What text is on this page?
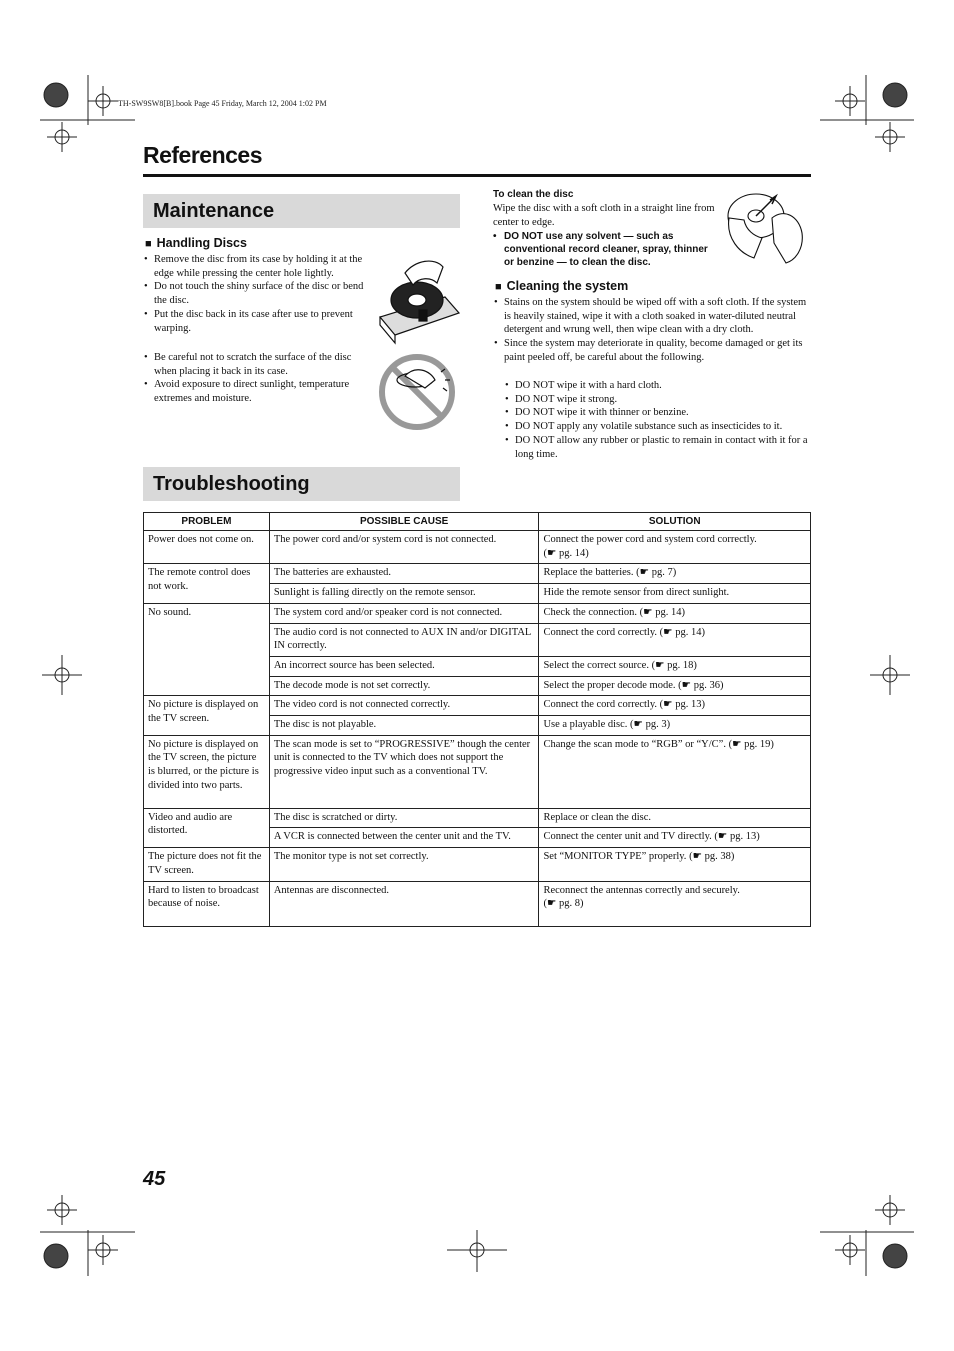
TH-SW9SW8[B].book Page 45 Friday, March 12, 2004 1:02 PM
References
Maintenance
■ Handling Discs
• Remove the disc from its case by holding it at the edge while pressing the center hole lightly.
• Do not touch the shiny surface of the disc or bend the disc.
• Put the disc back in its case after use to prevent warping.
• Be careful not to scratch the surface of the disc when placing it back in its case.
• Avoid exposure to direct sunlight, temperature extremes and moisture.
To clean the disc
Wipe the disc with a soft cloth in a straight line from center to edge.
• DO NOT use any solvent — such as conventional record cleaner, spray, thinner or benzine — to clean the disc.
■ Cleaning the system
• Stains on the system should be wiped off with a soft cloth. If the system is heavily stained, wipe it with a cloth soaked in water-diluted neutral detergent and wrung well, then wipe clean with a dry cloth.
• Since the system may deteriorate in quality, become damaged or get its paint peeled off, be careful about the following.
• DO NOT wipe it with a hard cloth.
• DO NOT wipe it strong.
• DO NOT wipe it with thinner or benzine.
• DO NOT apply any volatile substance such as insecticides to it.
• DO NOT allow any rubber or plastic to remain in contact with it for a long time.
Troubleshooting
PROBLEM	POSSIBLE CAUSE	SOLUTION
Power does not come on.	The power cord and/or system cord is not connected.	Connect the power cord and system cord correctly.
(☛ pg. 14)
The remote control does not work.	The batteries are exhausted.	Replace the batteries. (☛ pg. 7)
	Sunlight is falling directly on the remote sensor.	Hide the remote sensor from direct sunlight.
No sound.	The system cord and/or speaker cord is not connected.	Check the connection. (☛ pg. 14)
	The audio cord is not connected to AUX IN and/or DIGITAL IN correctly.	Connect the cord correctly. (☛ pg. 14)
	An incorrect source has been selected.	Select the correct source. (☛ pg. 18)
	The decode mode is not set correctly.	Select the proper decode mode. (☛ pg. 36)
No picture is displayed on the TV screen.	The video cord is not connected correctly.	Connect the cord correctly. (☛ pg. 13)
	The disc is not playable.	Use a playable disc. (☛ pg. 3)
No picture is displayed on the TV screen, the picture is blurred, or the picture is divided into two parts.	The scan mode is set to “PROGRESSIVE” though the center unit is connected to the TV which does not support the progressive video input such as a conventional TV.	Change the scan mode to “RGB” or “Y/C”. (☛ pg. 19)
Video and audio are distorted.	The disc is scratched or dirty.	Replace or clean the disc.
	A VCR is connected between the center unit and the TV.	Connect the center unit and TV directly. (☛ pg. 13)
The picture does not fit the TV screen.	The monitor type is not set correctly.	Set “MONITOR TYPE” properly. (☛ pg. 38)
Hard to listen to broadcast because of noise.	Antennas are disconnected.	Reconnect the antennas correctly and securely.
(☛ pg. 8)
45
